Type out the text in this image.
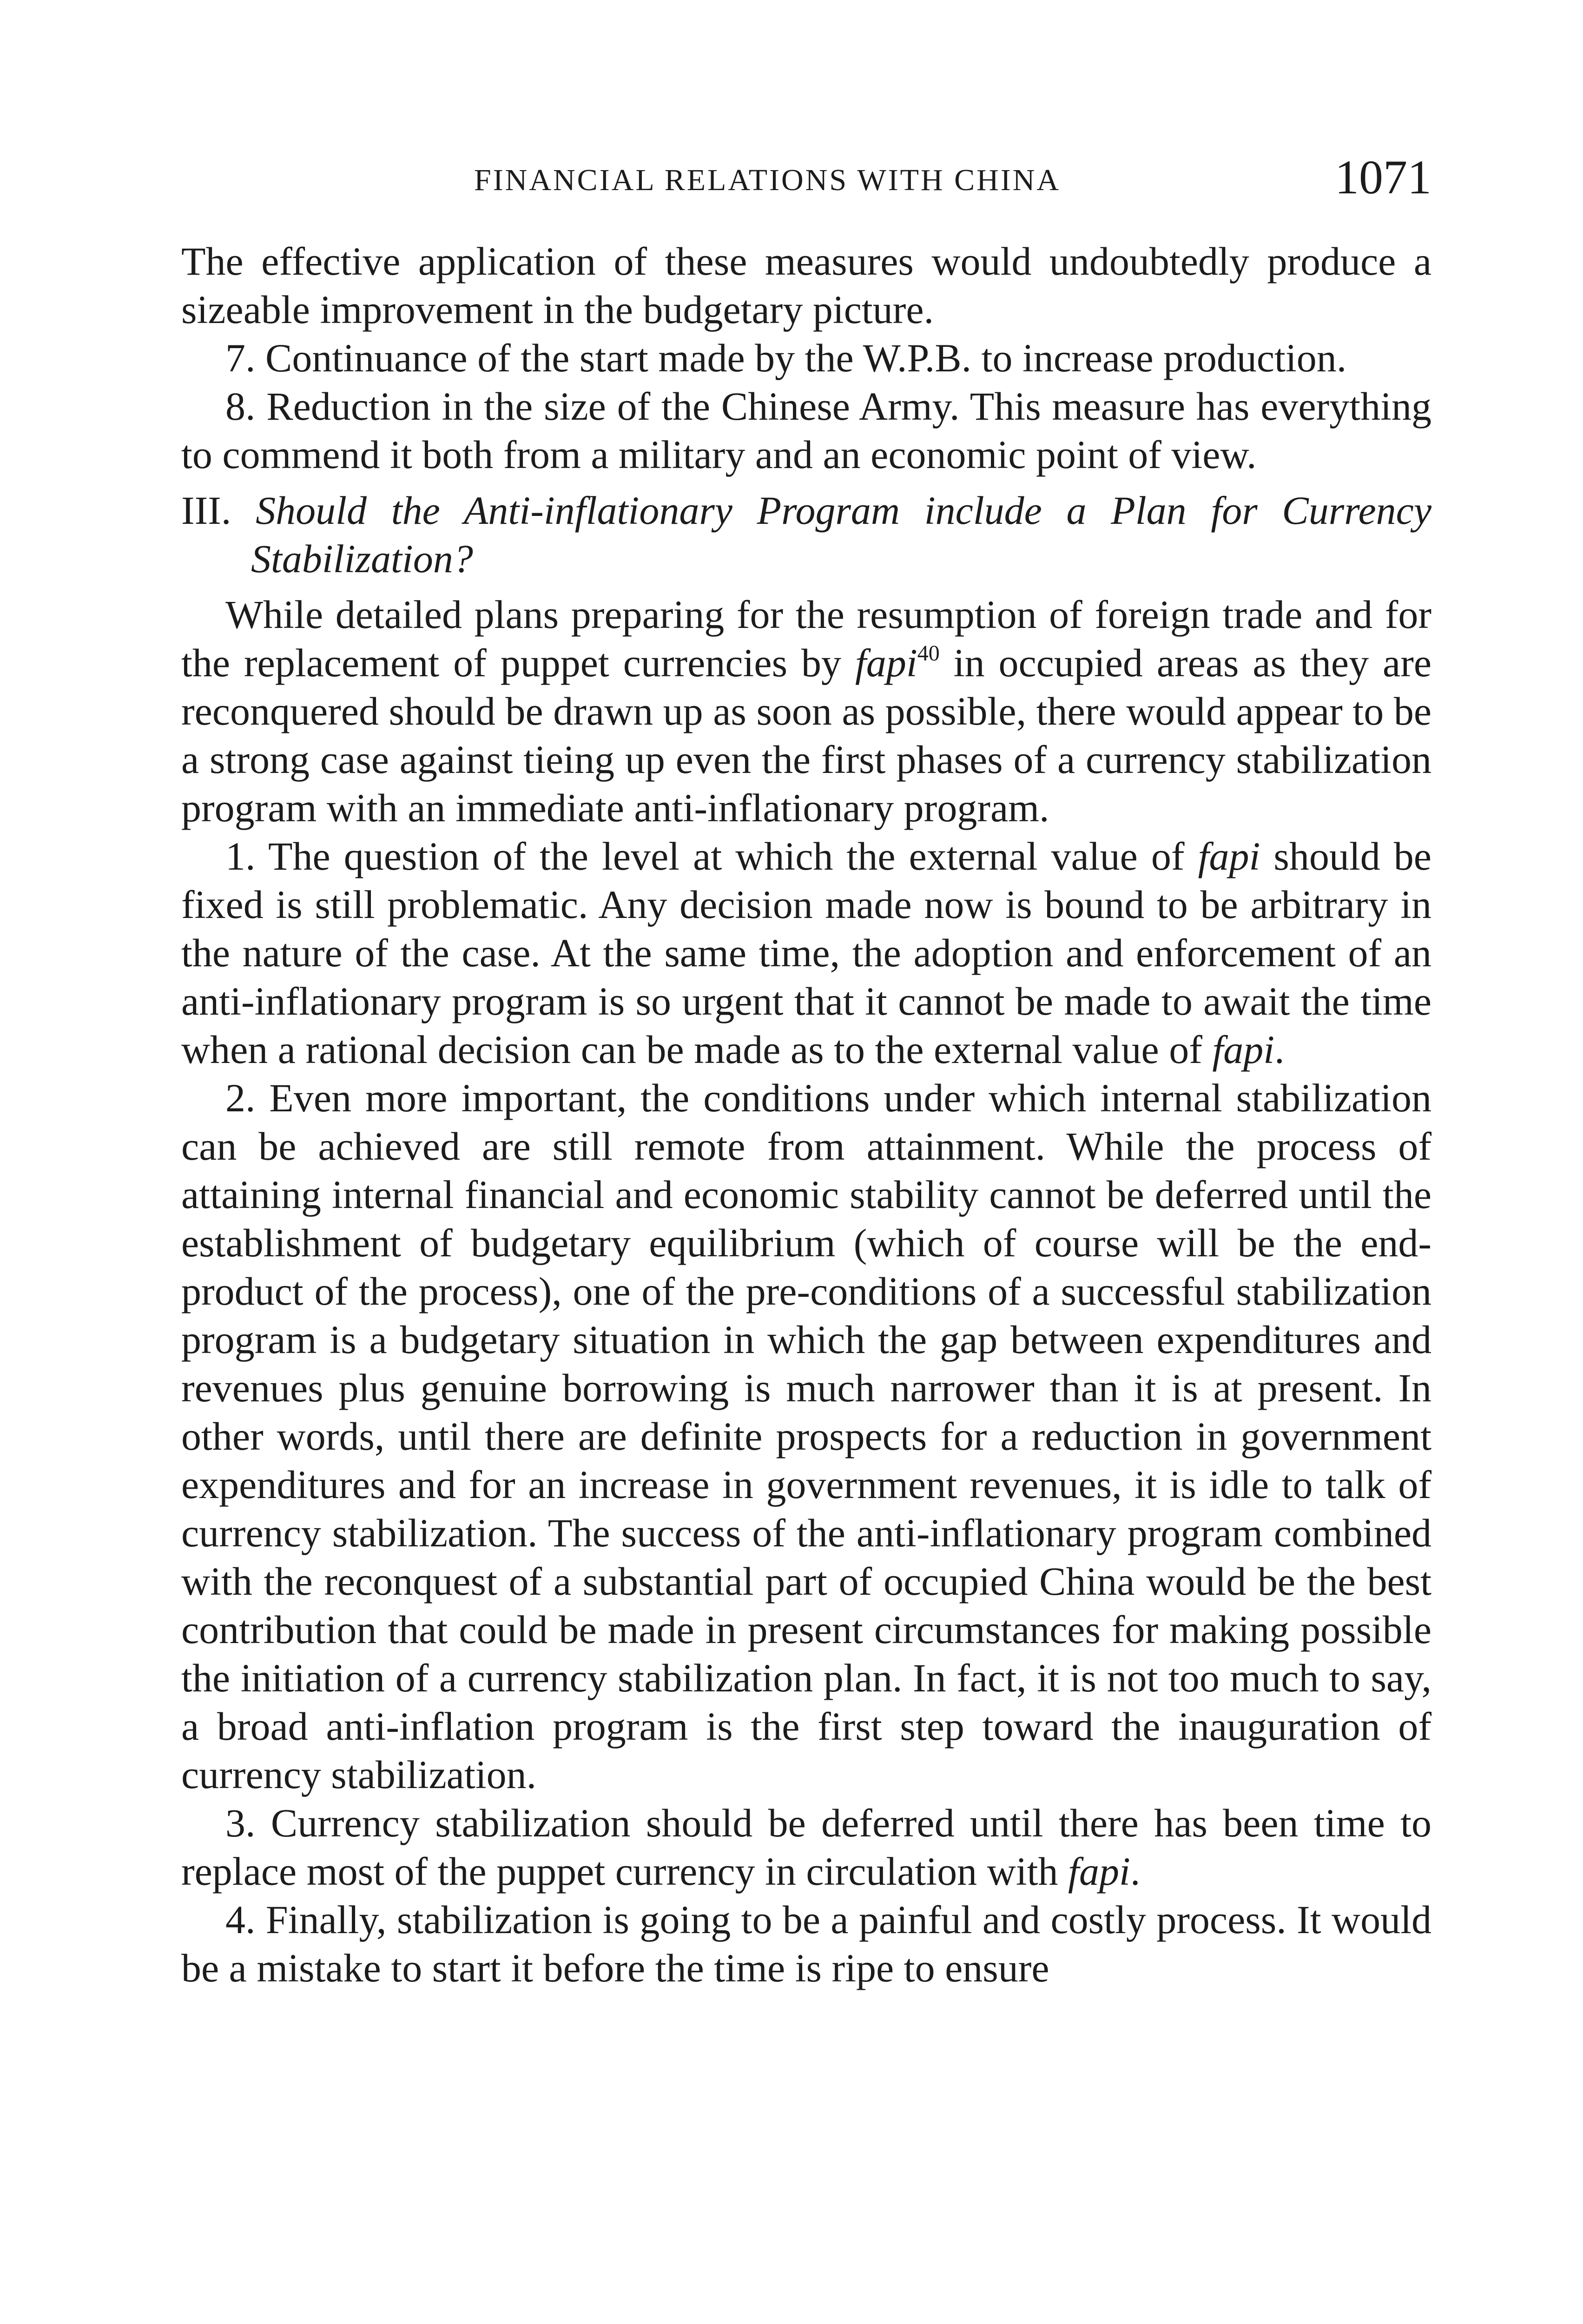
FINANCIAL RELATIONS WITH CHINA	1071

The effective application of these measures would undoubtedly produce a sizeable improvement in the budgetary picture.

7. Continuance of the start made by the W.P.B. to increase production.

8. Reduction in the size of the Chinese Army. This measure has everything to commend it both from a military and an economic point of view.

III. Should the Anti-inflationary Program include a Plan for Currency Stabilization?

While detailed plans preparing for the resumption of foreign trade and for the replacement of puppet currencies by fapi$^{40}$ in occupied areas as they are reconquered should be drawn up as soon as possible, there would appear to be a strong case against tieing up even the first phases of a currency stabilization program with an immediate anti-inflationary program.

1. The question of the level at which the external value of fapi should be fixed is still problematic. Any decision made now is bound to be arbitrary in the nature of the case. At the same time, the adoption and enforcement of an anti-inflationary program is so urgent that it cannot be made to await the time when a rational decision can be made as to the external value of fapi.

2. Even more important, the conditions under which internal stabilization can be achieved are still remote from attainment. While the process of attaining internal financial and economic stability cannot be deferred until the establishment of budgetary equilibrium (which of course will be the end-product of the process), one of the pre-conditions of a successful stabilization program is a budgetary situation in which the gap between expenditures and revenues plus genuine borrowing is much narrower than it is at present. In other words, until there are definite prospects for a reduction in government expenditures and for an increase in government revenues, it is idle to talk of currency stabilization. The success of the anti-inflationary program combined with the reconquest of a substantial part of occupied China would be the best contribution that could be made in present circumstances for making possible the initiation of a currency stabilization plan. In fact, it is not too much to say, a broad anti-inflation program is the first step toward the inauguration of currency stabilization.

3. Currency stabilization should be deferred until there has been time to replace most of the puppet currency in circulation with fapi.

4. Finally, stabilization is going to be a painful and costly process. It would be a mistake to start it before the time is ripe to ensure
